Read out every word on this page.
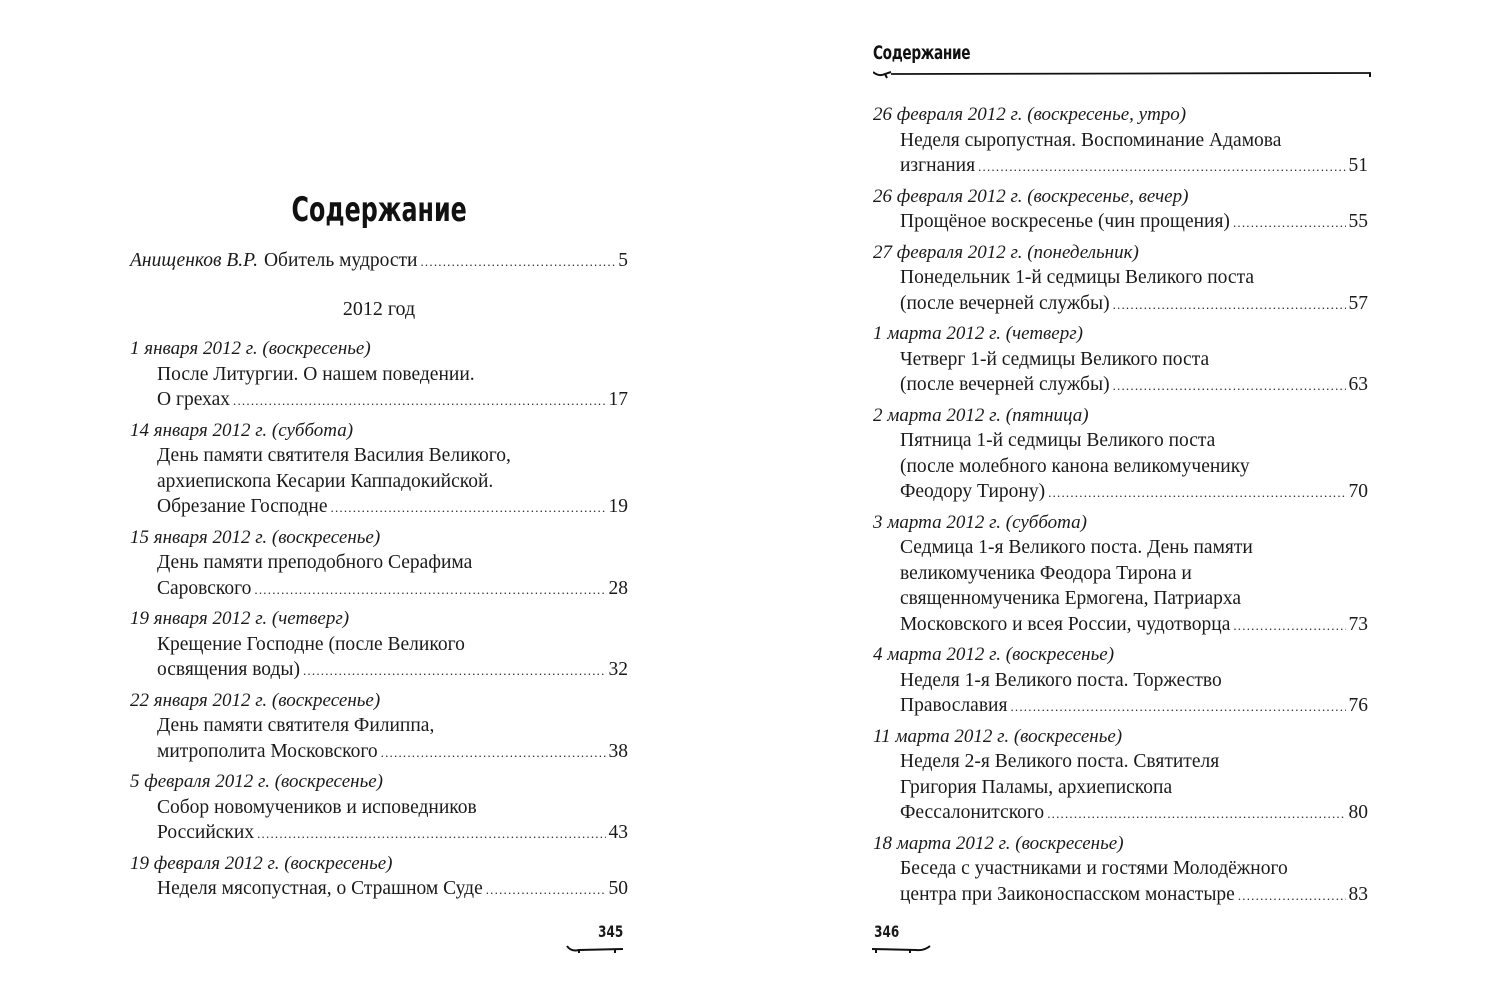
Содержание
Анищенков В.Р. Обитель мудрости .....	5
2012 год
1 января 2012 г. (воскресенье)
После Литургии. О нашем поведении.
О грехах .....	17
14 января 2012 г. (суббота)
День памяти святителя Василия Великого,
архиепископа Кесарии Каппадокийской.
Обрезание Господне .....	19
15 января 2012 г. (воскресенье)
День памяти преподобного Серафима
Саровского .....	28
19 января 2012 г. (четверг)
Крещение Господне (после Великого
освящения воды) .....	32
22 января 2012 г. (воскресенье)
День памяти святителя Филиппа,
митрополита Московского .....	38
5 февраля 2012 г. (воскресенье)
Собор новомучеников и исповедников
Российских .....	43
19 февраля 2012 г. (воскресенье)
Неделя мясопустная, о Страшном Суде .....	50
345
Содержание
26 февраля 2012 г. (воскресенье, утро)
Неделя сыропустная. Воспоминание Адамова
изгнания .....	51
26 февраля 2012 г. (воскресенье, вечер)
Прощёное воскресенье (чин прощения) .....	55
27 февраля 2012 г. (понедельник)
Понедельник 1-й седмицы Великого поста
(после вечерней службы) .....	57
1 марта 2012 г. (четверг)
Четверг 1-й седмицы Великого поста
(после вечерней службы) .....	63
2 марта 2012 г. (пятница)
Пятница 1-й седмицы Великого поста
(после молебного канона великомученику
Феодору Тирону) .....	70
3 марта 2012 г. (суббота)
Седмица 1-я Великого поста. День памяти
великомученика Феодора Тирона и
священномученика Ермогена, Патриарха
Московского и всея России, чудотворца .....	73
4 марта 2012 г. (воскресенье)
Неделя 1-я Великого поста. Торжество
Православия .....	76
11 марта 2012 г. (воскресенье)
Неделя 2-я Великого поста. Святителя
Григория Паламы, архиепископа
Фессалонитского .....	80
18 марта 2012 г. (воскресенье)
Беседа с участниками и гостями Молодёжного
центра при Заиконоспасском монастыре .....	83
346
